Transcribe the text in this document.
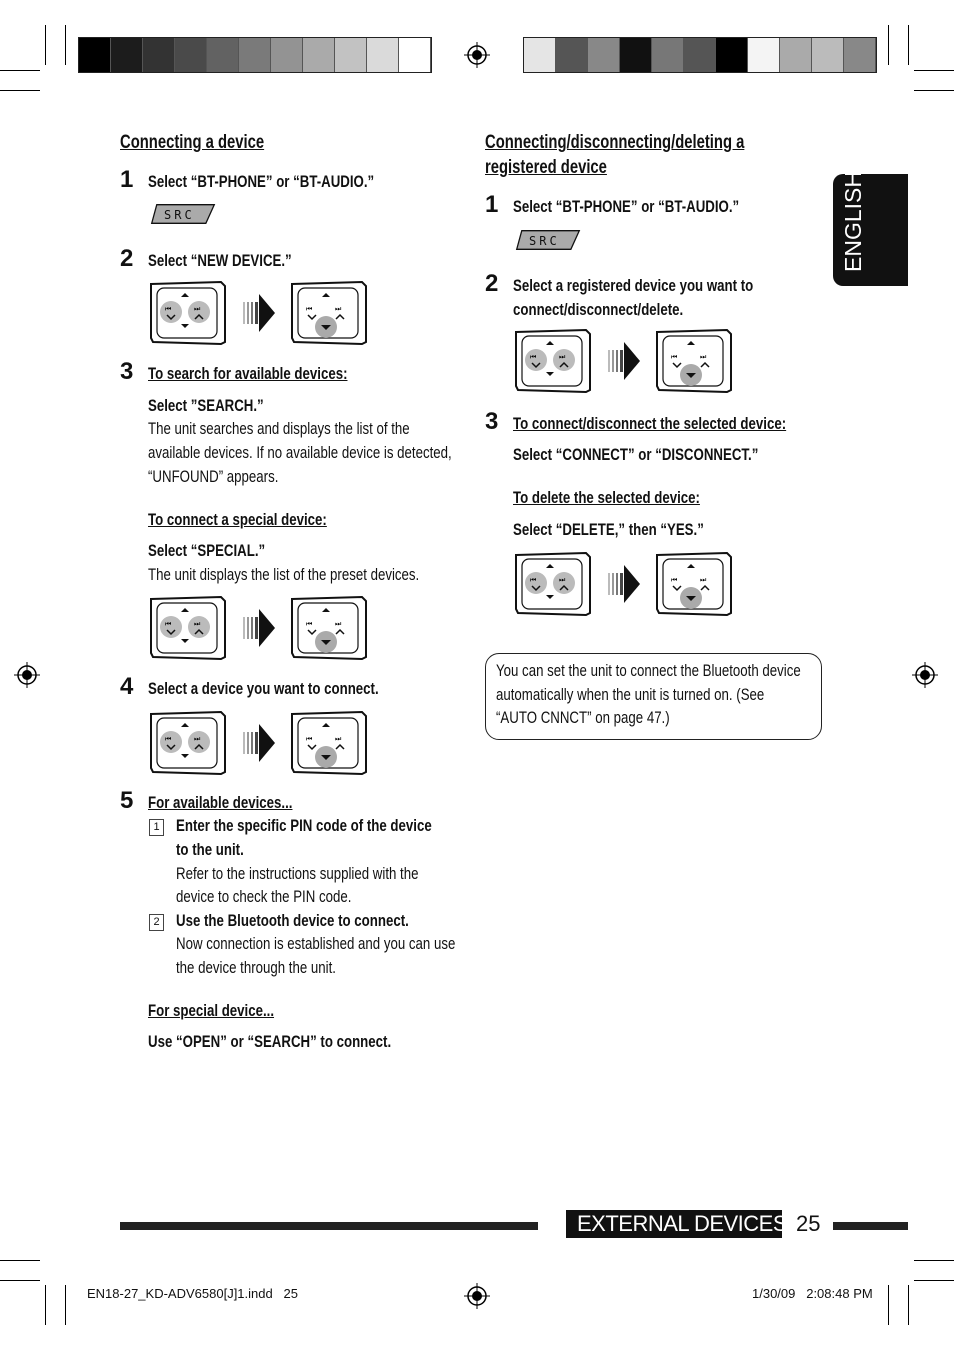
ENGLISH
Connecting a device
1 Select “BT-PHONE” or “BT-AUDIO.”
SRC
2 Select “NEW DEVICE.”
⏮	⏭	⏮	⏭
3 To search for available devices:
Select ”SEARCH.”
The unit searches and displays the list of the
available devices. If no available device is detected,
“UNFOUND” appears.
To connect a special device:
Select “SPECIAL.”
The unit displays the list of the preset devices.
⏮	⏭	⏮	⏭
4 Select a device you want to connect.
⏮	⏭	⏮	⏭
5 For available devices...
1 Enter the specific PIN code of the device
to the unit.
Refer to the instructions supplied with the
device to check the PIN code.
2 Use the Bluetooth device to connect.
Now connection is established and you can use
the device through the unit.
For special device...
Use “OPEN” or “SEARCH” to connect.
Connecting/disconnecting/deleting a
registered device
1 Select “BT-PHONE” or “BT-AUDIO.”
SRC
2 Select a registered device you want to
connect/disconnect/delete.
⏮	⏭	⏮	⏭
3 To connect/disconnect the selected device:
Select “CONNECT” or “DISCONNECT.”
To delete the selected device:
Select “DELETE,” then “YES.”
⏮	⏭	⏮	⏭
You can set the unit to connect the Bluetooth device
automatically when the unit is turned on. (See
“AUTO CNNCT” on page 47.)
EXTERNAL DEVICES 25
EN18-27_KD-ADV6580[J]1.indd   25	1/30/09   2:08:48 PM
